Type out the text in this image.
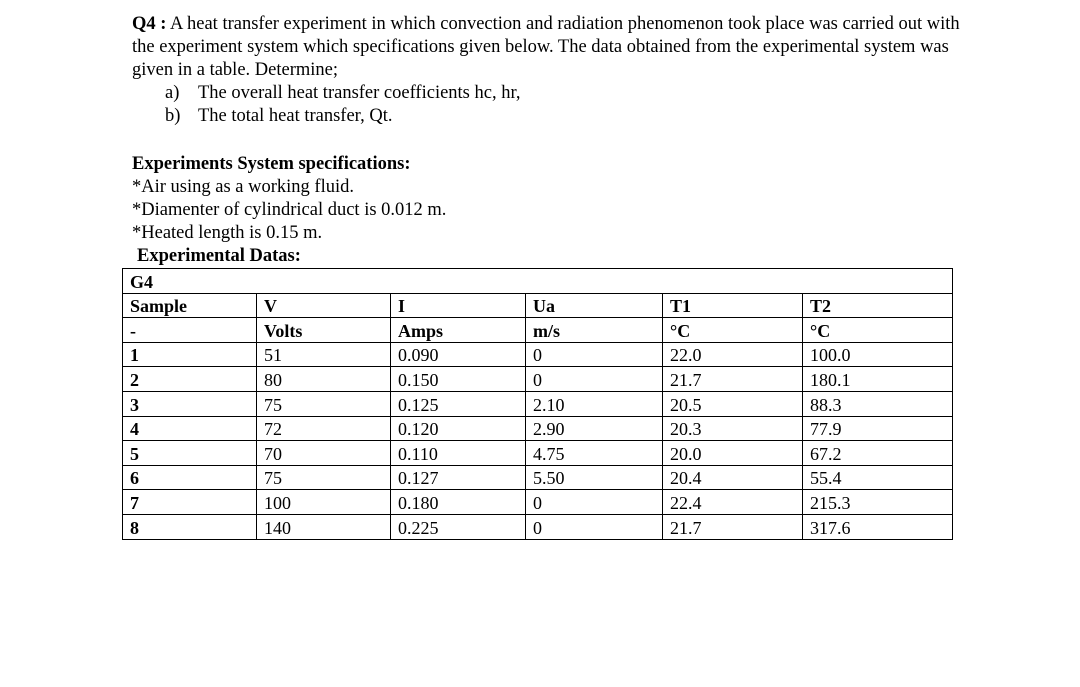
Q4 : A heat transfer experiment in which convection and radiation phenomenon took place was carried out with the experiment system which specifications given below. The data obtained from the experimental system was given in a table. Determine;

a)	The overall heat transfer coefficients hc, hr,
b) The total heat transfer, Qt.

Experiments System specifications:

*Air using as a working fluid.

*Diamenter of cylindrical duct is 0.012 m.

*Heated length is 0.15 m.

Experimental Datas:
G4					
Sample	V	I	Ua	T1	T2
-	Volts	Amps	m/s	°C	°C
1	51	0.090	0	22.0	100.0
2	80	0.150	0	21.7	180.1
3	75	0.125	2.10	20.5	88.3
4	72	0.120	2.90	20.3	77.9
5	70	0.110	4.75	20.0	67.2
6	75	0.127	5.50	20.4	55.4
7	100	0.180	0	22.4	215.3
8	140	0.225	0	21.7	317.6
